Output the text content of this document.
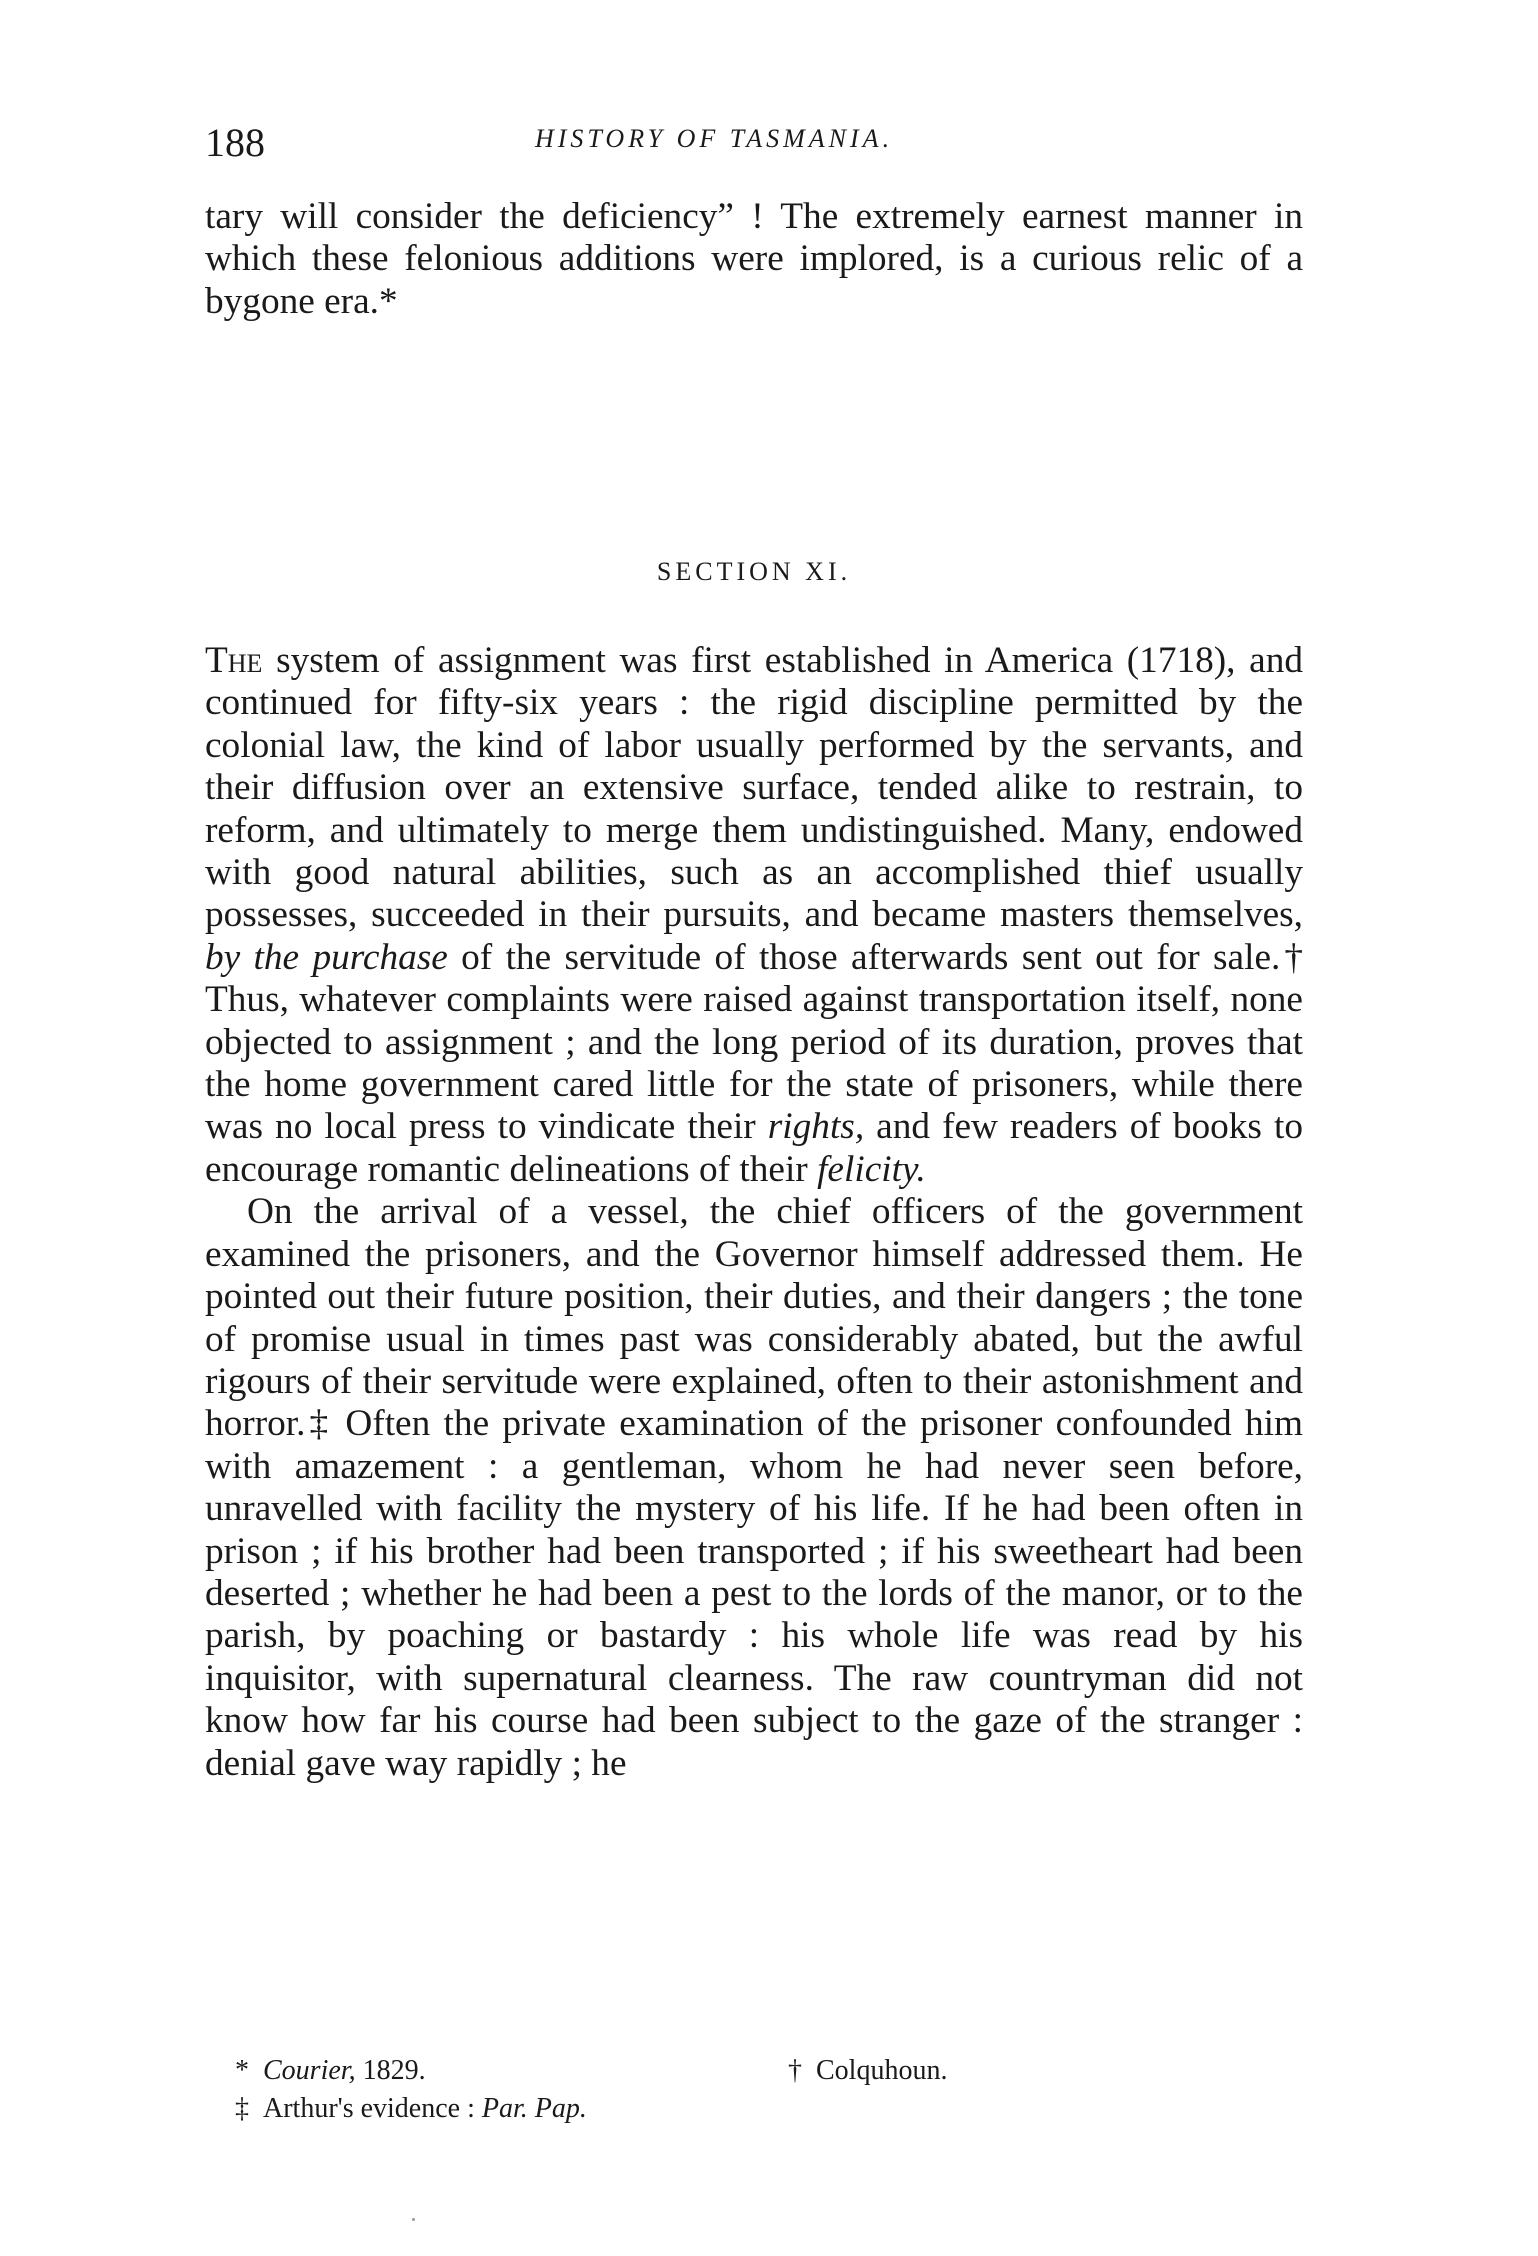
188	HISTORY OF TASMANIA.

tary will consider the deficiency” ! The extremely earnest manner in which these felonious additions were implored, is a curious relic of a bygone era.*

SECTION XI.

The system of assignment was first established in America (1718), and continued for fifty-six years : the rigid discipline permitted by the colonial law, the kind of labor usually performed by the servants, and their diffusion over an extensive surface, tended alike to restrain, to reform, and ultimately to merge them undistinguished. Many, endowed with good natural abilities, such as an accomplished thief usually possesses, succeeded in their pursuits, and became masters themselves, by the purchase of the servitude of those afterwards sent out for sale.† Thus, whatever complaints were raised against transportation itself, none objected to assignment ; and the long period of its duration, proves that the home government cared little for the state of prisoners, while there was no local press to vindicate their rights, and few readers of books to encourage romantic delineations of their felicity.

On the arrival of a vessel, the chief officers of the government examined the prisoners, and the Governor himself addressed them. He pointed out their future position, their duties, and their dangers ; the tone of promise usual in times past was considerably abated, but the awful rigours of their servitude were explained, often to their astonishment and horror.‡ Often the private examination of the prisoner confounded him with amazement : a gentleman, whom he had never seen before, unravelled with facility the mystery of his life. If he had been often in prison ; if his brother had been transported ; if his sweetheart had been deserted ; whether he had been a pest to the lords of the manor, or to the parish, by poaching or bastardy : his whole life was read by his inquisitor, with supernatural clearness. The raw countryman did not know how far his course had been subject to the gaze of the stranger : denial gave way rapidly ; he

* Courier, 1829.	† Colquhoun.
‡ Arthur's evidence : Par. Pap.
